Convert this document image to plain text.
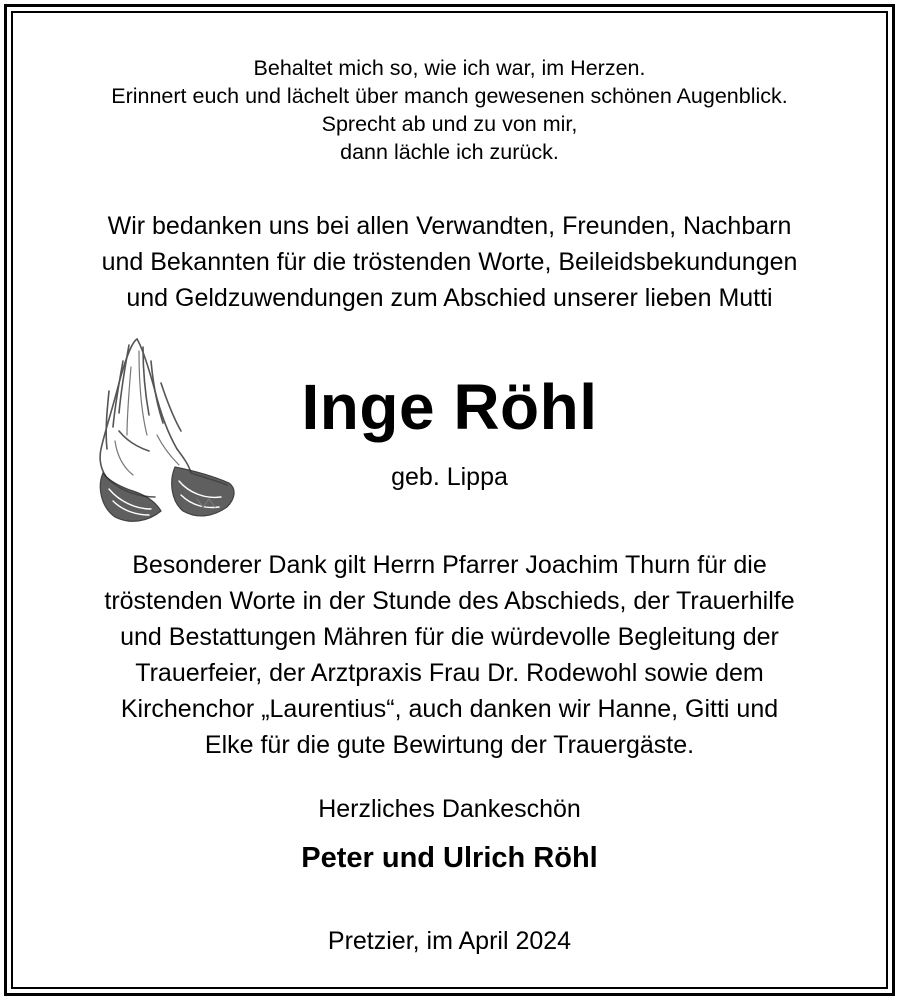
Behaltet mich so, wie ich war, im Herzen.
Erinnert euch und lächelt über manch gewesenen schönen Augenblick.
Sprecht ab und zu von mir,
dann lächle ich zurück.
Wir bedanken uns bei allen Verwandten, Freunden, Nachbarn
und Bekannten für die tröstenden Worte, Beileidsbekundungen
und Geldzuwendungen zum Abschied unserer lieben Mutti
Inge Röhl
geb. Lippa
Besonderer Dank gilt Herrn Pfarrer Joachim Thurn für die
tröstenden Worte in der Stunde des Abschieds, der Trauerhilfe
und Bestattungen Mähren für die würdevolle Begleitung der
Trauerfeier, der Arztpraxis Frau Dr. Rodewohl sowie dem
Kirchenchor „Laurentius“, auch danken wir Hanne, Gitti und
Elke für die gute Bewirtung der Trauergäste.
Herzliches Dankeschön
Peter und Ulrich Röhl
Pretzier, im April 2024
